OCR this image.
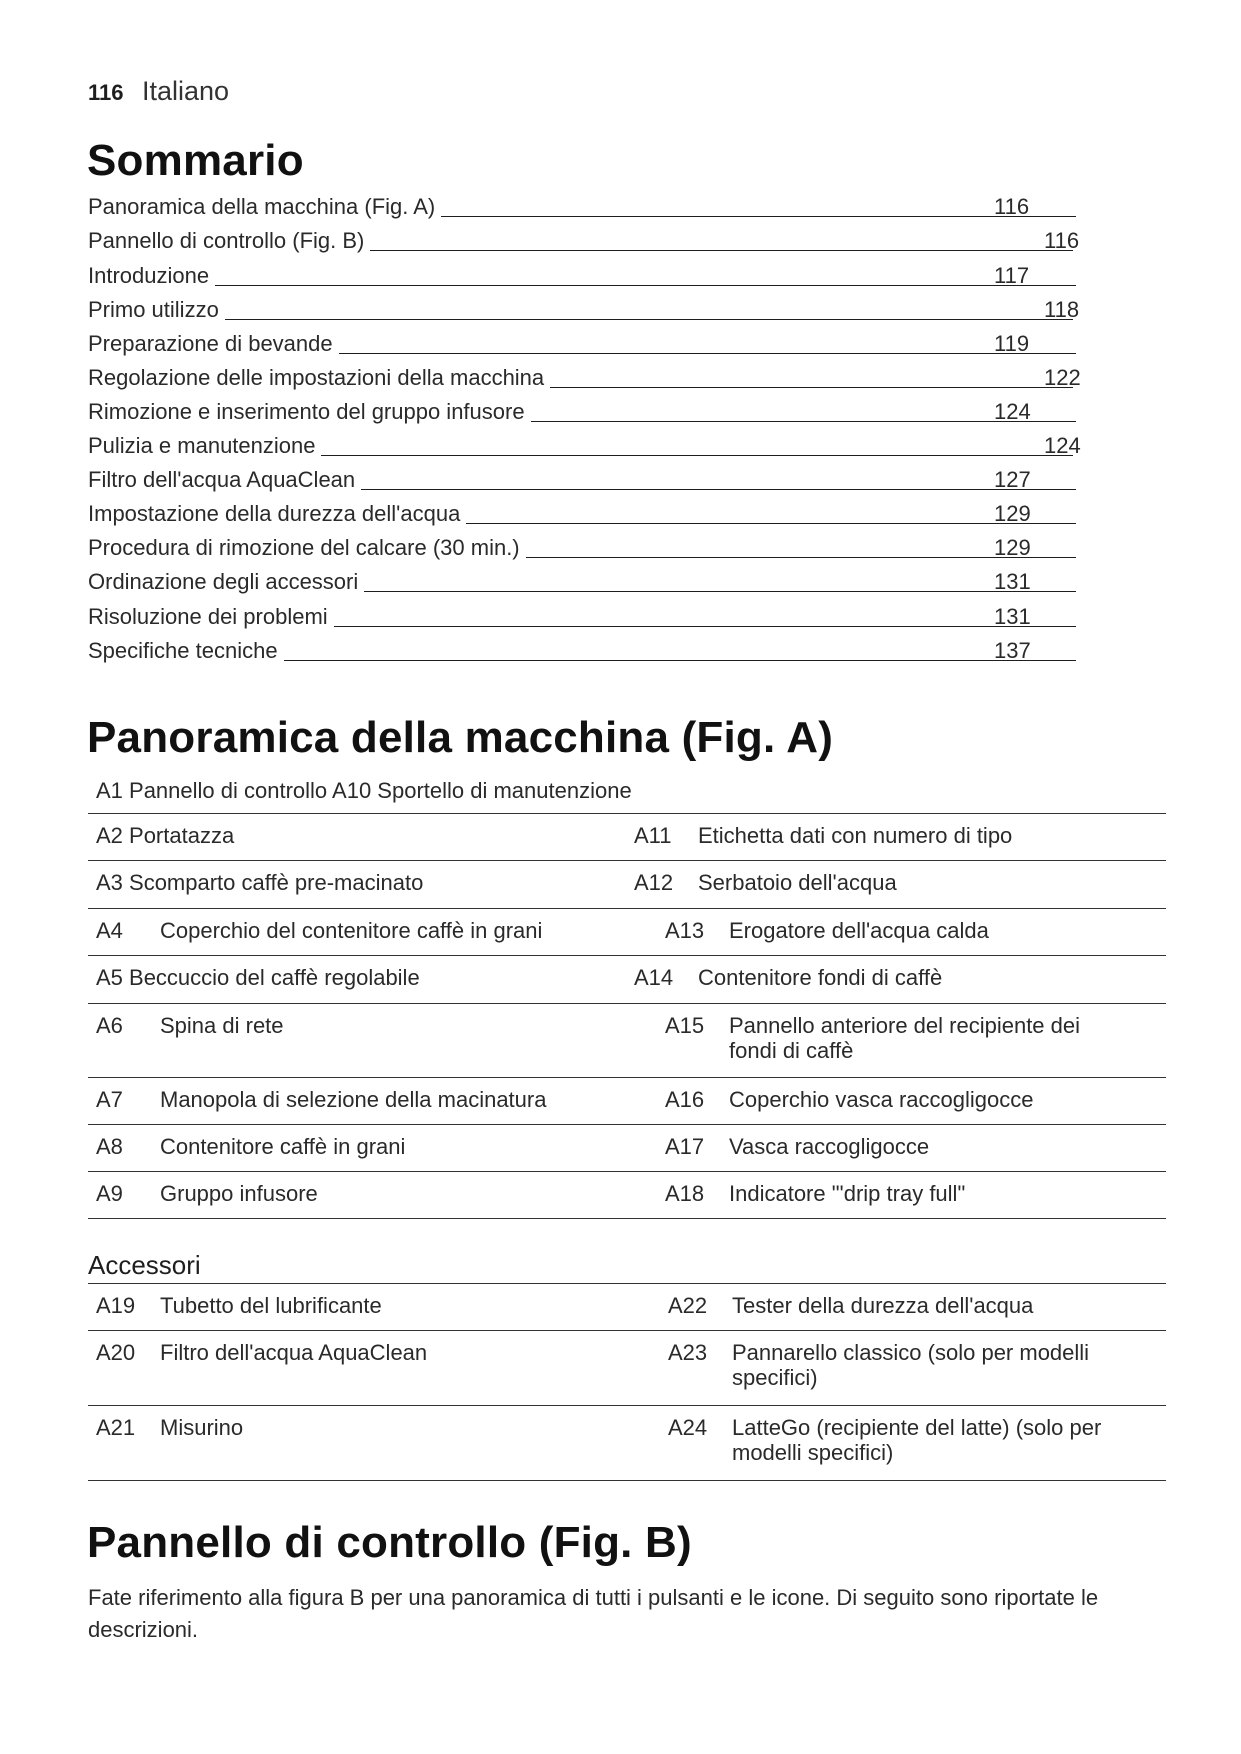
116 Italiano
Sommario
Panoramica della macchina (Fig. A)	116
Pannello di controllo (Fig. B)	116
Introduzione	117
Primo utilizzo	118
Preparazione di bevande	119
Regolazione delle impostazioni della macchina	122
Rimozione e inserimento del gruppo infusore	124
Pulizia e manutenzione	124
Filtro dell'acqua AquaClean	127
Impostazione della durezza dell'acqua	129
Procedura di rimozione del calcare (30 min.)	129
Ordinazione degli accessori	131
Risoluzione dei problemi	131
Specifiche tecniche	137
Panoramica della macchina (Fig. A)
A1 Pannello di controllo A10 Sportello di manutenzione
A2 Portatazza	A11 Etichetta dati con numero di tipo
A3 Scomparto caffè pre-macinato	A12 Serbatoio dell'acqua
A4 Coperchio del contenitore caffè in grani	A13 Erogatore dell'acqua calda
A5 Beccuccio del caffè regolabile	A14 Contenitore fondi di caffè
A6 Spina di rete	A15 Pannello anteriore del recipiente dei
fondi di caffè
A7 Manopola di selezione della macinatura	A16 Coperchio vasca raccogligocce
A8 Contenitore caffè in grani	A17 Vasca raccogligocce
A9 Gruppo infusore	A18 Indicatore "'drip tray full"
Accessori
A19 Tubetto del lubrificante	A22 Tester della durezza dell'acqua
A20 Filtro dell'acqua AquaClean	A23 Pannarello classico (solo per modelli
specifici)
A21 Misurino	A24 LatteGo (recipiente del latte) (solo per
modelli specifici)
Pannello di controllo (Fig. B)
Fate riferimento alla figura B per una panoramica di tutti i pulsanti e le icone. Di seguito sono riportate le descrizioni.
